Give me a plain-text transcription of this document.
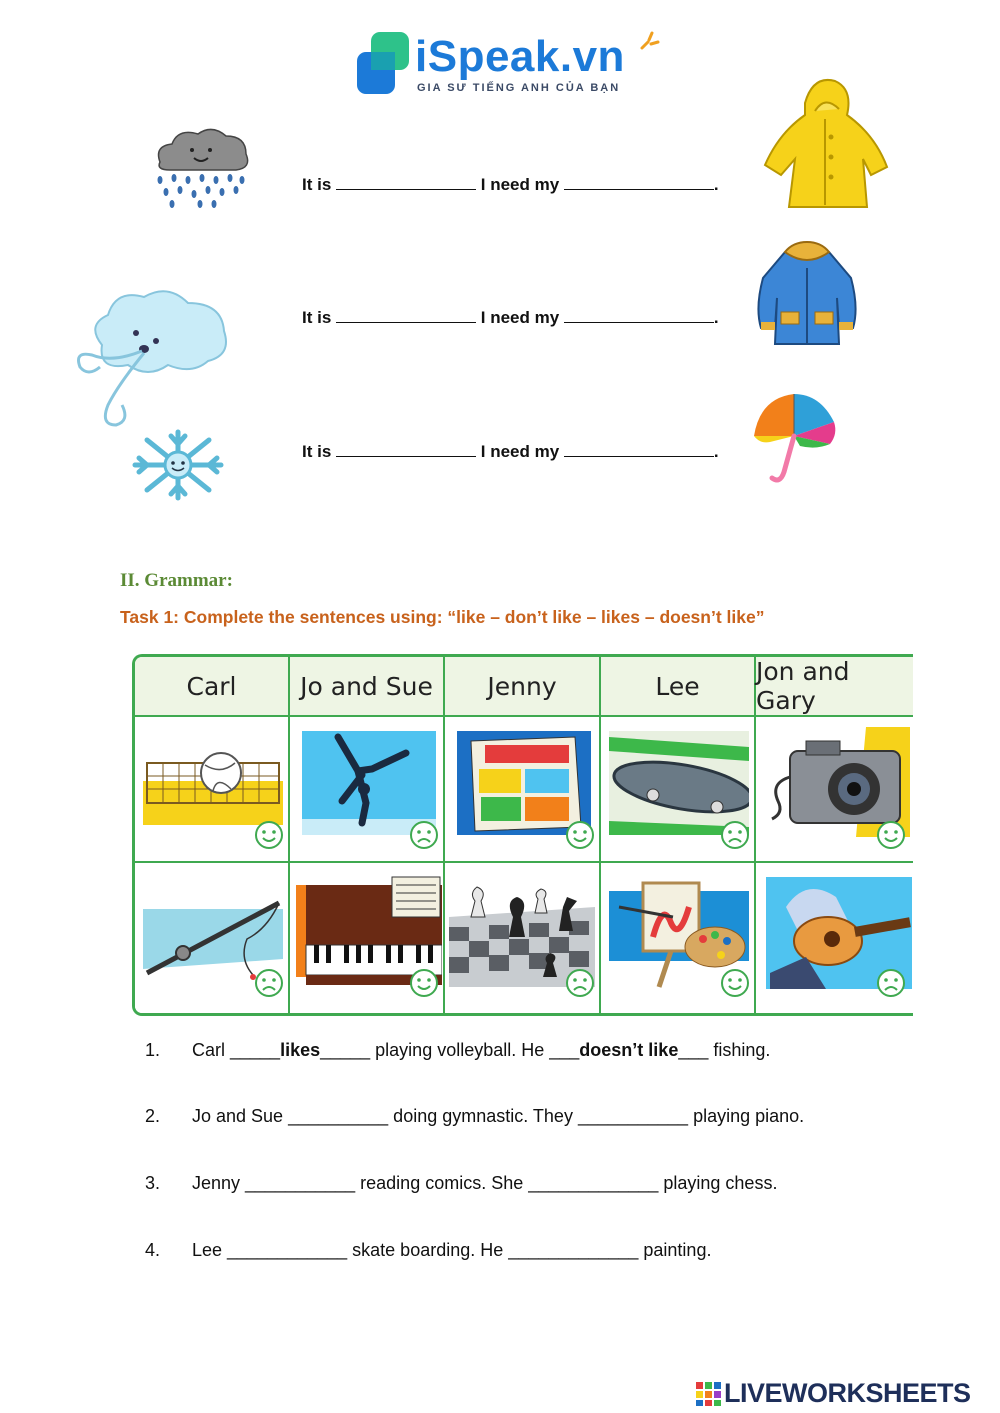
iSpeak.vn
GIA SƯ TIẾNG ANH CỦA BẠN
It is	I need my	.
It is	I need my	.
It is	I need my	.
II. Grammar:
Task 1: Complete the sentences using: “like – don’t like – likes – doesn’t like”
Carl	Jo and Sue	Jenny	Lee	Jon and Gary
1. Carl _____likes_____ playing volleyball. He ___doesn’t like___ fishing.
2. Jo and Sue __________ doing gymnastic. They ___________ playing piano.
3. Jenny ___________ reading comics. She _____________ playing chess.
4. Lee ____________ skate boarding. He _____________ painting.
LIVEWORKSHEETS
